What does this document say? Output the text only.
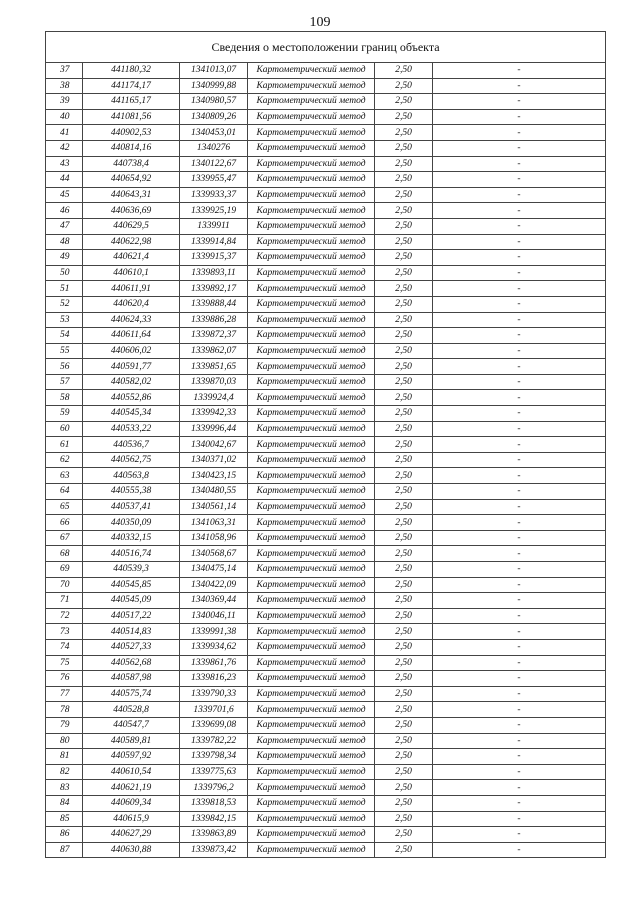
109
Сведения о местоположении границ объекта					
37	441180,32	1341013,07	Картометрический метод	2,50	-
38	441174,17	1340999,88	Картометрический метод	2,50	-
39	441165,17	1340980,57	Картометрический метод	2,50	-
40	441081,56	1340809,26	Картометрический метод	2,50	-
41	440902,53	1340453,01	Картометрический метод	2,50	-
42	440814,16	1340276	Картометрический метод	2,50	-
43	440738,4	1340122,67	Картометрический метод	2,50	-
44	440654,92	1339955,47	Картометрический метод	2,50	-
45	440643,31	1339933,37	Картометрический метод	2,50	-
46	440636,69	1339925,19	Картометрический метод	2,50	-
47	440629,5	1339911	Картометрический метод	2,50	-
48	440622,98	1339914,84	Картометрический метод	2,50	-
49	440621,4	1339915,37	Картометрический метод	2,50	-
50	440610,1	1339893,11	Картометрический метод	2,50	-
51	440611,91	1339892,17	Картометрический метод	2,50	-
52	440620,4	1339888,44	Картометрический метод	2,50	-
53	440624,33	1339886,28	Картометрический метод	2,50	-
54	440611,64	1339872,37	Картометрический метод	2,50	-
55	440606,02	1339862,07	Картометрический метод	2,50	-
56	440591,77	1339851,65	Картометрический метод	2,50	-
57	440582,02	1339870,03	Картометрический метод	2,50	-
58	440552,86	1339924,4	Картометрический метод	2,50	-
59	440545,34	1339942,33	Картометрический метод	2,50	-
60	440533,22	1339996,44	Картометрический метод	2,50	-
61	440536,7	1340042,67	Картометрический метод	2,50	-
62	440562,75	1340371,02	Картометрический метод	2,50	-
63	440563,8	1340423,15	Картометрический метод	2,50	-
64	440555,38	1340480,55	Картометрический метод	2,50	-
65	440537,41	1340561,14	Картометрический метод	2,50	-
66	440350,09	1341063,31	Картометрический метод	2,50	-
67	440332,15	1341058,96	Картометрический метод	2,50	-
68	440516,74	1340568,67	Картометрический метод	2,50	-
69	440539,3	1340475,14	Картометрический метод	2,50	-
70	440545,85	1340422,09	Картометрический метод	2,50	-
71	440545,09	1340369,44	Картометрический метод	2,50	-
72	440517,22	1340046,11	Картометрический метод	2,50	-
73	440514,83	1339991,38	Картометрический метод	2,50	-
74	440527,33	1339934,62	Картометрический метод	2,50	-
75	440562,68	1339861,76	Картометрический метод	2,50	-
76	440587,98	1339816,23	Картометрический метод	2,50	-
77	440575,74	1339790,33	Картометрический метод	2,50	-
78	440528,8	1339701,6	Картометрический метод	2,50	-
79	440547,7	1339699,08	Картометрический метод	2,50	-
80	440589,81	1339782,22	Картометрический метод	2,50	-
81	440597,92	1339798,34	Картометрический метод	2,50	-
82	440610,54	1339775,63	Картометрический метод	2,50	-
83	440621,19	1339796,2	Картометрический метод	2,50	-
84	440609,34	1339818,53	Картометрический метод	2,50	-
85	440615,9	1339842,15	Картометрический метод	2,50	-
86	440627,29	1339863,89	Картометрический метод	2,50	-
87	440630,88	1339873,42	Картометрический метод	2,50	-
